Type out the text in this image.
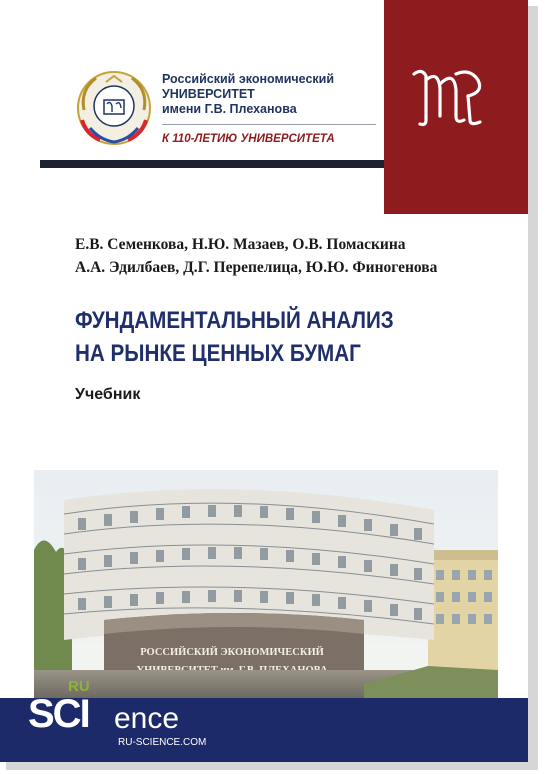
Российский экономический
УНИВЕРСИТЕТ
имени Г.В. Плеханова
К 110-ЛЕТИЮ УНИВЕРСИТЕТА
Е.В. Семенкова, Н.Ю. Мазаев, О.В. Помаскина
А.А. Эдилбаев, Д.Г. Перепелица, Ю.Ю. Финогенова
ФУНДАМЕНТАЛЬНЫЙ АНАЛИЗ
НА РЫНКЕ ЦЕННЫХ БУМАГ
Учебник
РОССИЙСКИЙ ЭКОНОМИЧЕСКИЙ
RU
SCI ence
RU-SCIENCE.COM
